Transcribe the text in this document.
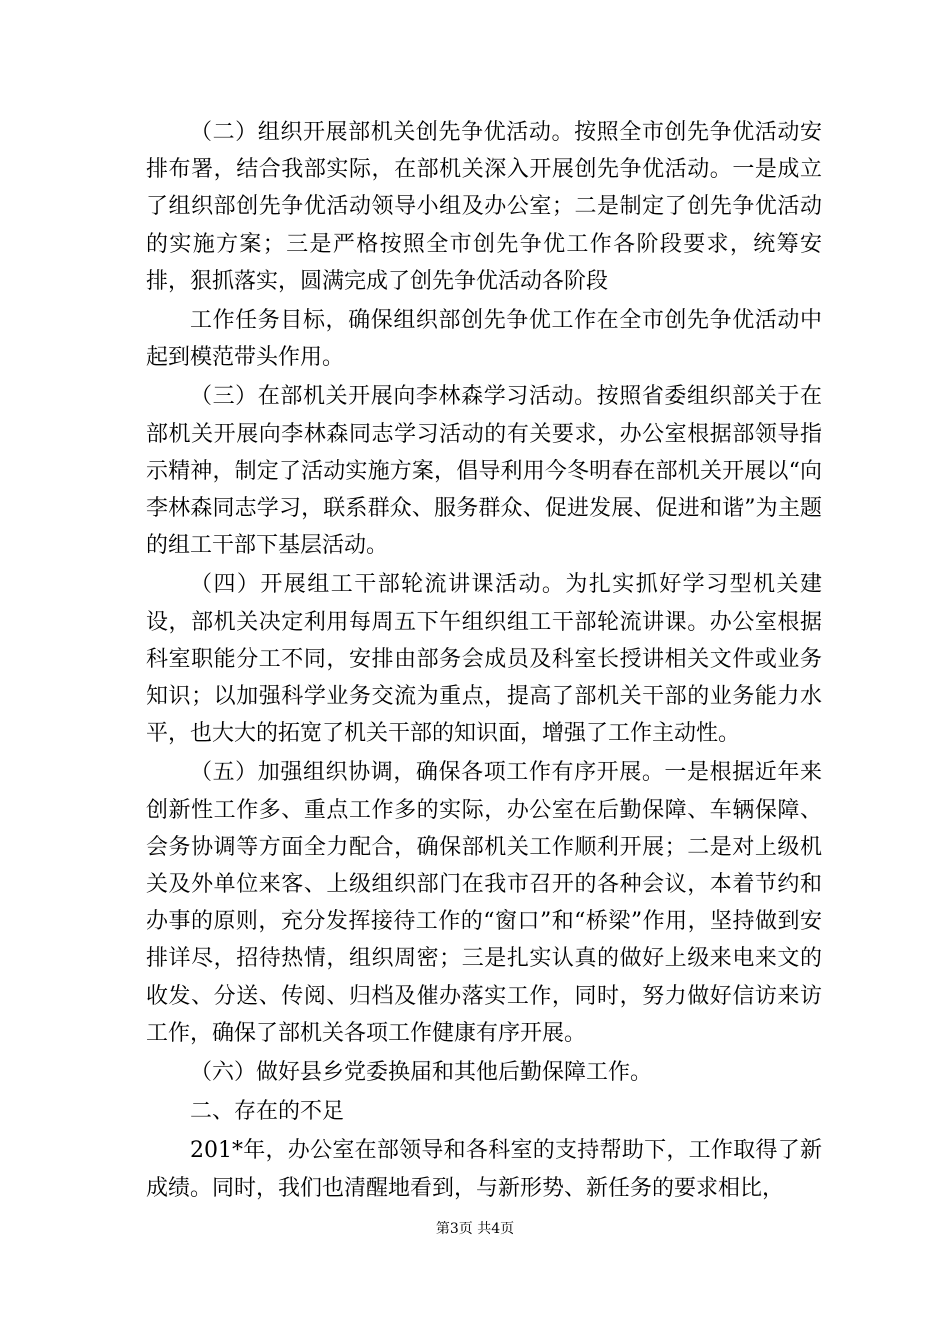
（二）组织开展部机关创先争优活动。按照全市创先争优活动安排布署，结合我部实际，在部机关深入开展创先争优活动。一是成立了组织部创先争优活动领导小组及办公室；二是制定了创先争优活动的实施方案；三是严格按照全市创先争优工作各阶段要求，统筹安排，狠抓落实，圆满完成了创先争优活动各阶段

工作任务目标，确保组织部创先争优工作在全市创先争优活动中起到模范带头作用。

（三）在部机关开展向李林森学习活动。按照省委组织部关于在部机关开展向李林森同志学习活动的有关要求，办公室根据部领导指示精神，制定了活动实施方案，倡导利用今冬明春在部机关开展以“向李林森同志学习，联系群众、服务群众、促进发展、促进和谐”为主题的组工干部下基层活动。

（四）开展组工干部轮流讲课活动。为扎实抓好学习型机关建设，部机关决定利用每周五下午组织组工干部轮流讲课。办公室根据科室职能分工不同，安排由部务会成员及科室长授讲相关文件或业务知识；以加强科学业务交流为重点，提高了部机关干部的业务能力水平，也大大的拓宽了机关干部的知识面，增强了工作主动性。

（五）加强组织协调，确保各项工作有序开展。一是根据近年来创新性工作多、重点工作多的实际，办公室在后勤保障、车辆保障、会务协调等方面全力配合，确保部机关工作顺利开展；二是对上级机关及外单位来客、上级组织部门在我市召开的各种会议，本着节约和办事的原则，充分发挥接待工作的“窗口”和“桥梁”作用，坚持做到安排详尽，招待热情，组织周密；三是扎实认真的做好上级来电来文的收发、分送、传阅、归档及催办落实工作，同时，努力做好信访来访工作，确保了部机关各项工作健康有序开展。

（六）做好县乡党委换届和其他后勤保障工作。

二、存在的不足

201*年，办公室在部领导和各科室的支持帮助下，工作取得了新成绩。同时，我们也清醒地看到，与新形势、新任务的要求相比，

第3页 共4页
